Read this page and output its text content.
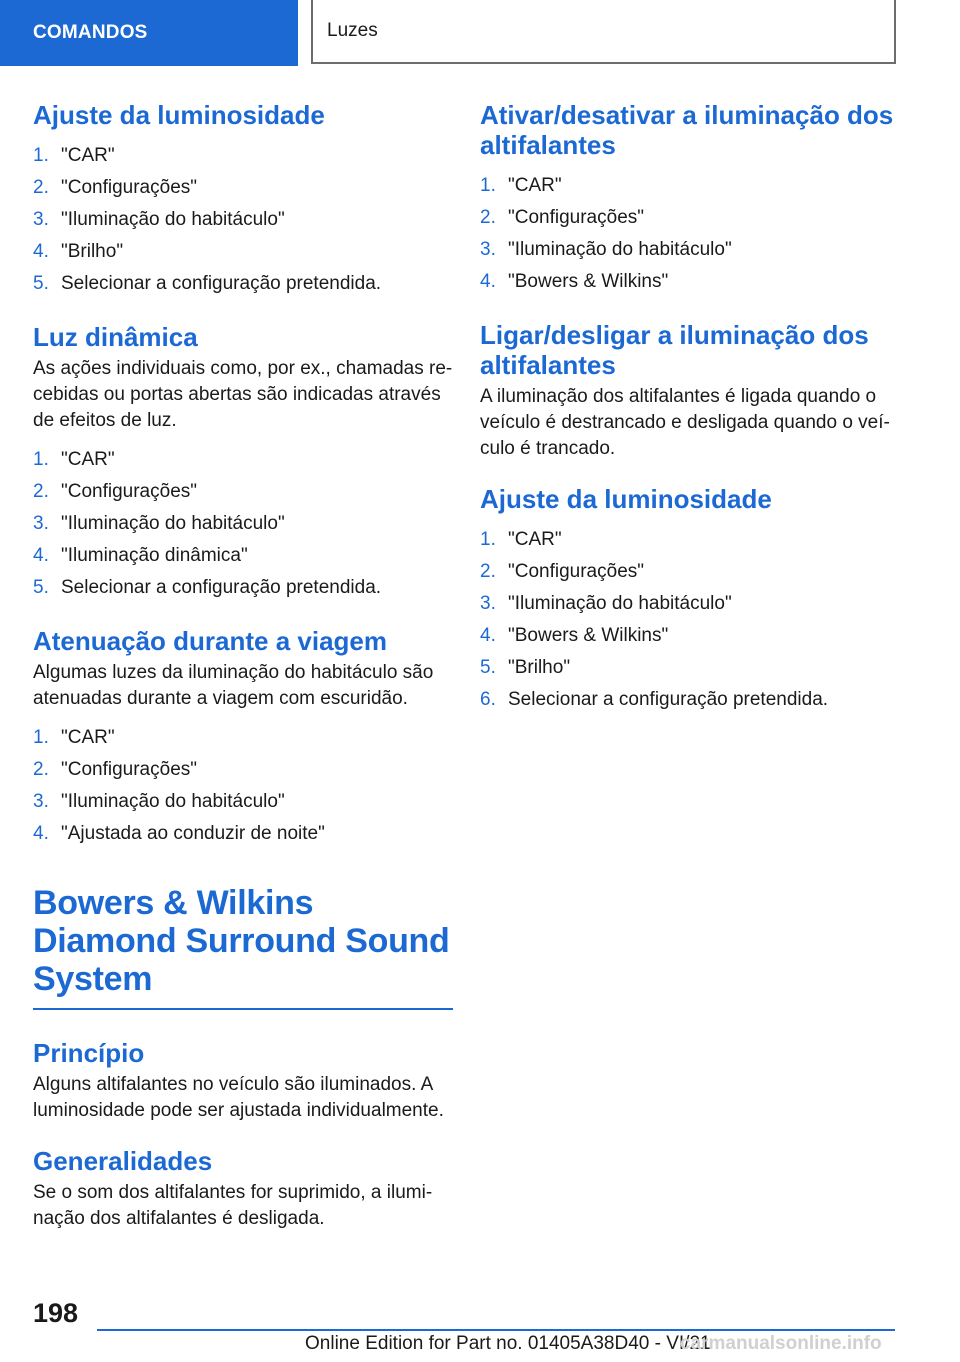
COMANDOS	Luzes
Ajuste da luminosidade
1. "CAR"
2. "Configurações"
3. "Iluminação do habitáculo"
4. "Brilho"
5. Selecionar a configuração pretendida.
Luz dinâmica

As ações individuais como, por ex., chamadas re-cebidas ou portas abertas são indicadas através de efeitos de luz.

1. "CAR"
2. "Configurações"
3. "Iluminação do habitáculo"
4. "Iluminação dinâmica"
5. Selecionar a configuração pretendida.
Atenuação durante a viagem

Algumas luzes da iluminação do habitáculo são atenuadas durante a viagem com escuridão.

1. "CAR"
2. "Configurações"
3. "Iluminação do habitáculo"
4. "Ajustada ao conduzir de noite"
Bowers & Wilkins Diamond Surround Sound System
Princípio

Alguns altifalantes no veículo são iluminados. A luminosidade pode ser ajustada individualmente.

Generalidades

Se o som dos altifalantes for suprimido, a ilumi-nação dos altifalantes é desligada.

Ativar/desativar a iluminação dos altifalantes
1. "CAR"
2. "Configurações"
3. "Iluminação do habitáculo"
4. "Bowers & Wilkins"
Ligar/desligar a iluminação dos altifalantes

A iluminação dos altifalantes é ligada quando o veículo é destrancado e desligada quando o veí-culo é trancado.

Ajuste da luminosidade
1. "CAR"
2. "Configurações"
3. "Iluminação do habitáculo"
4. "Bowers & Wilkins"
5. "Brilho"
6. Selecionar a configuração pretendida.
198
Online Edition for Part no. 01405A38D40 - VI/21
carmanualsonline.info
